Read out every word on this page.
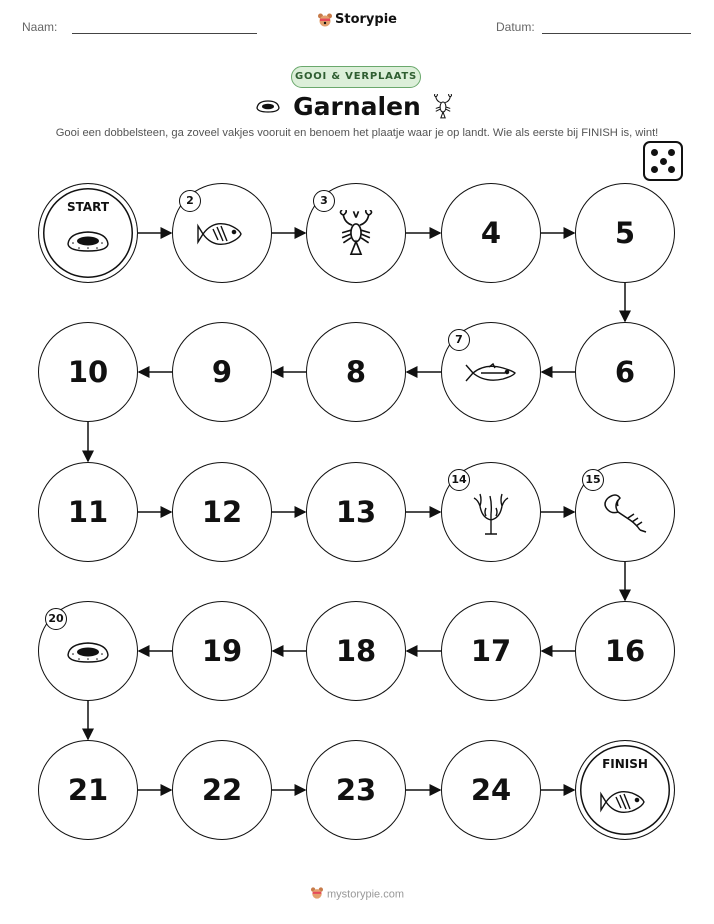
Naam:	Storypie	Datum:
GOOI & VERPLAATS
Garnalen
Gooi een dobbelsteen, ga zoveel vakjes vooruit en benoem het plaatje waar je op landt. Wie als eerste bij FINISH is, wint!
START	2	3
4	5
6
7
8
9
10
11	12	13
14	15
16
17
18
19
20
21	22	23	24
FINISH
mystorypie.com
